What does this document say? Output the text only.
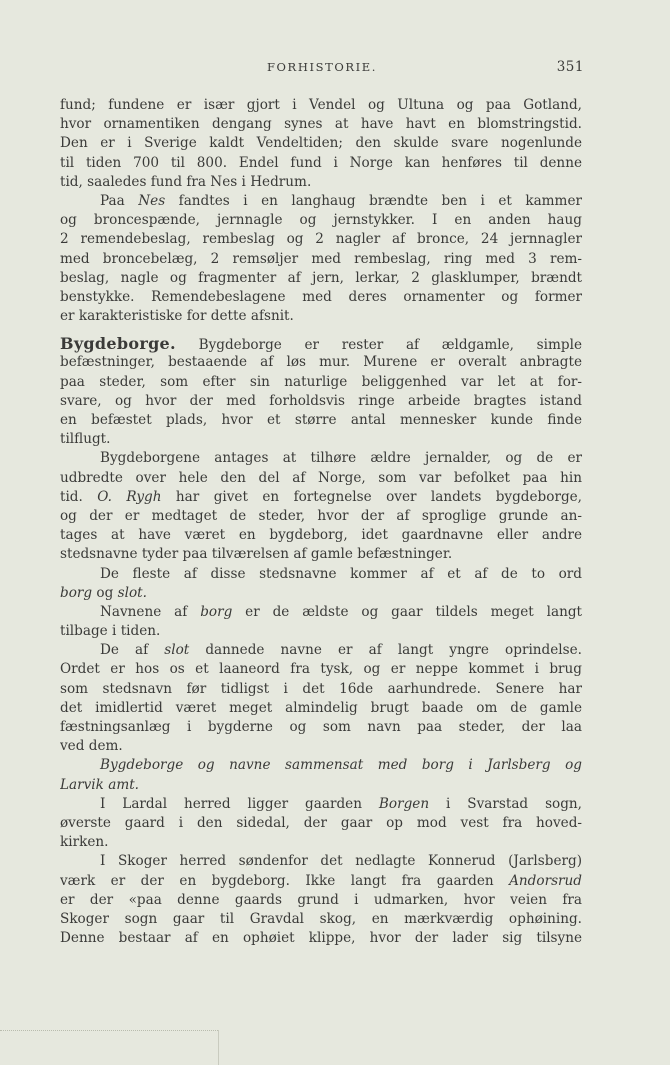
FORHISTORIE.	351
fund; fundene er især gjort i Vendel og Ultuna og paa Gotland,
hvor ornamentiken dengang synes at have havt en blomstringstid.
Den er i Sverige kaldt Vendeltiden; den skulde svare nogenlunde
til tiden 700 til 800. Endel fund i Norge kan henføres til denne
tid, saaledes fund fra Nes i Hedrum.
Paa Nes fandtes i en langhaug brændte ben i et kammer
og broncespænde, jernnagle og jernstykker. I en anden haug
2 remendebeslag, rembeslag og 2 nagler af bronce, 24 jernnagler
med broncebelæg, 2 remsøljer med rembeslag, ring med 3 rem-
beslag, nagle og fragmenter af jern, lerkar, 2 glasklumper, brændt
benstykke. Remendebeslagene med deres ornamenter og former
er karakteristiske for dette afsnit.
Bygdeborge. Bygdeborge er rester af ældgamle, simple
befæstninger, bestaaende af løs mur. Murene er overalt anbragte
paa steder, som efter sin naturlige beliggenhed var let at for-
svare, og hvor der med forholdsvis ringe arbeide bragtes istand
en befæstet plads, hvor et større antal mennesker kunde finde
tilflugt.
Bygdeborgene antages at tilhøre ældre jernalder, og de er
udbredte over hele den del af Norge, som var befolket paa hin
tid. O. Rygh har givet en fortegnelse over landets bygdeborge,
og der er medtaget de steder, hvor der af sproglige grunde an-
tages at have været en bygdeborg, idet gaardnavne eller andre
stedsnavne tyder paa tilværelsen af gamle befæstninger.
De fleste af disse stedsnavne kommer af et af de to ord
borg og slot.
Navnene af borg er de ældste og gaar tildels meget langt
tilbage i tiden.
De af slot dannede navne er af langt yngre oprindelse.
Ordet er hos os et laaneord fra tysk, og er neppe kommet i brug
som stedsnavn før tidligst i det 16de aarhundrede. Senere har
det imidlertid været meget almindelig brugt baade om de gamle
fæstningsanlæg i bygderne og som navn paa steder, der laa
ved dem.
Bygdeborge og navne sammensat med borg i Jarlsberg og
Larvik amt.
I Lardal herred ligger gaarden Borgen i Svarstad sogn,
øverste gaard i den sidedal, der gaar op mod vest fra hoved-
kirken.
I Skoger herred søndenfor det nedlagte Konnerud (Jarlsberg)
værk er der en bygdeborg. Ikke langt fra gaarden Andorsrud
er der «paa denne gaards grund i udmarken, hvor veien fra
Skoger sogn gaar til Gravdal skog, en mærkværdig ophøining.
Denne bestaar af en ophøiet klippe, hvor der lader sig tilsyne
